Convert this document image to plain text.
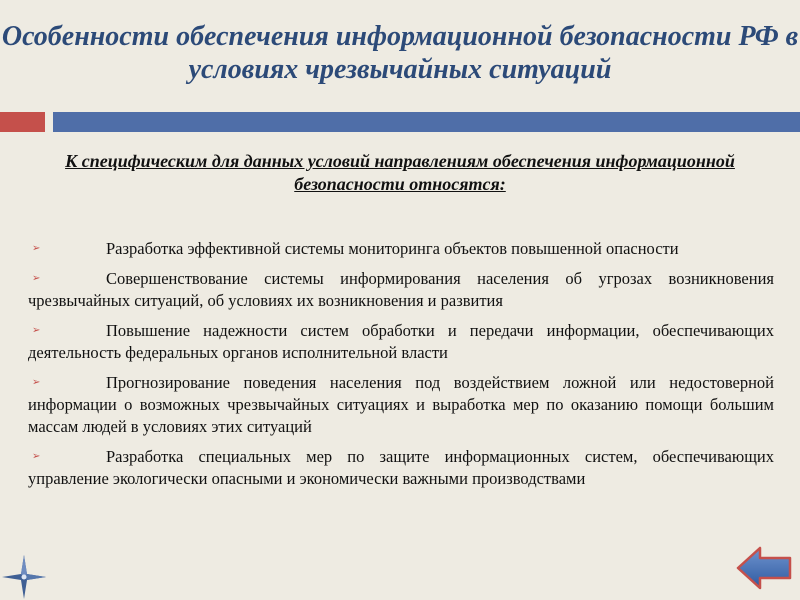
Особенности обеспечения информационной безопасности РФ в условиях чрезвычайных ситуаций

К специфическим для данных условий направлениям обеспечения информационной безопасности относятся:

➢	Разработка эффективной системы мониторинга объектов повышенной опасности
➢	Совершенствование системы информирования населения об угрозах возникновения чрезвычайных ситуаций, об условиях их возникновения и развития
➢	Повышение надежности систем обработки и передачи информации, обеспечивающих деятельность федеральных органов исполнительной власти
➢	Прогнозирование поведения населения под воздействием ложной или недостоверной информации о возможных чрезвычайных ситуациях и выработка мер по оказанию помощи большим массам людей в условиях этих ситуаций
➢	Разработка специальных мер по защите информационных систем, обеспечивающих управление экологически опасными и экономически важными производствами
